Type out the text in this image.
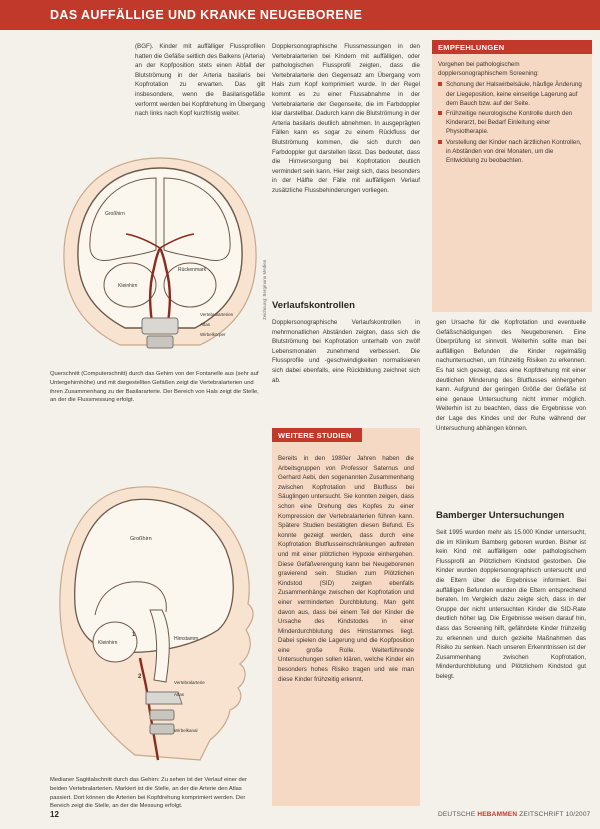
DAS AUFFÄLLIGE UND KRANKE NEUGEBORENE

(BGF). Kinder mit auffälliger Flussprofilen hatten die Gefäße seitlich des Balkens (Arteria) an der Kopfposition stets einen Abfall der Blutströmung in der Arteria basilaris bei Kopfrotation zu erwarten. Das gilt insbesondere, wenn die Basilarisgefäße verformt werden bei Kopfdrehung im Übergang nach links nach Kopf kurzfristig weiter.

Dopplersonographische Flussmessungen in den Vertebralarterien bei Kindern mit auffälligen, oder pathologischen Flussprofil zeigten, dass die Vertebralarterie den Gegensatz am Übergang vom Hals zum Kopf komprimiert wurde. In der Regel kommt es zu einer Flussabnahme in der Vertebralarterie der Gegenseite, die im Farbdoppler klar darstellbar. Dadurch kann die Blutströmung in der Arteria basilaris deutlich abnehmen. In ausgeprägten Fällen kann es sogar zu einem Rückfluss der Blutströmung kommen, die sich durch den Farbdoppler gut darstellen lässt. Das bedeutet, dass die Hirnversorgung bei Kopfrotation deutlich vermindert sein kann. Hier zeigt sich, dass besonders in der Hälfte der Fälle mit auffälligem Verlauf zusätzliche Flussbehinderungen vorliegen.

Verlaufskontrollen

Dopplersonographische Verlaufskontrollen in mehrmonatlichen Abständen zeigten, dass sich die Blutströmung bei Kopfrotation unterhalb von zwölf Lebensmonaten zunehmend verbessert. Die Flussprofile und -geschwindigkeiten normalisieren sich dabei ebenfalls, eine Rückbildung zeichnet sich ab.

EMPFEHLUNGEN

Vorgehen bei pathologischem dopplersonographischem Screening:

Schonung der Halswirbelsäule, häufige Änderung der Liegeposition, keine einseitige Lagerung auf dem Bauch bzw. auf der Seite.
Frühzeitige neurologische Kontrolle durch den Kinderarzt, bei Bedarf Einleitung einer Physiotherapie.
Vorstellung der Kinder nach ärztlichen Kontrollen, in Abständen von drei Monaten, um die Entwicklung zu beobachten.
WEITERE STUDIEN
Bereits in den 1980er Jahren haben die Arbeitsgruppen von Professor Saternus und Gerhard Aebi, den sogenannten Zusammenhang zwischen Kopfrotation und Blutfluss bei Säuglingen untersucht. Sie konnten zeigen, dass schon eine Drehung des Kopfes zu einer Kompression der Vertebralarterien führen kann. Spätere Studien bestätigten diesen Befund. Es konnte gezeigt werden, dass durch eine Kopfrotation Blutflusseinschränkungen auftreten und mit einer plötzlichen Hypoxie einhergehen. Diese Gefäßverengung kann bei Neugeborenen gravierend sein. Studien zum Plötzlichen Kindstod (SID) zeigten ebenfalls Zusammenhänge zwischen der Kopfrotation und einer verminderten Durchblutung. Man geht davon aus, dass bei einem Teil der Kinder die Ursache des Kindstodes in einer Minderdurchblutung des Hirnstammes liegt. Dabei spielen die Lagerung und die Kopfposition eine große Rolle. Weiterführende Untersuchungen sollen klären, welche Kinder ein besonders hohes Risiko tragen und wie man diese Kinder frühzeitig erkennt.

gen Ursache für die Kopfrotation und eventuelle Gefäßschädigungen des Neugeborenen. Eine Überprüfung ist sinnvoll. Weiterhin sollte man bei auffälligen Befunden die Kinder regelmäßig nachuntersuchen, um frühzeitig Risiken zu erkennen. Es hat sich gezeigt, dass eine Kopfdrehung mit einer deutlichen Minderung des Blutflusses einhergehen kann. Aufgrund der geringen Größe der Gefäße ist eine genaue Untersuchung nicht immer möglich. Weiterhin ist zu beachten, dass die Ergebnisse von der Lage des Kindes und der Ruhe während der Untersuchung abhängen können.

Bamberger Untersuchungen

Seit 1995 wurden mehr als 15.000 Kinder untersucht, die im Klinikum Bamberg geboren wurden. Bisher ist kein Kind mit auffälligem oder pathologischem Flussprofil an Plötzlichem Kindstod gestorben. Die Kinder wurden dopplersonographisch untersucht und die Eltern über die Ergebnisse informiert. Bei auffälligen Befunden wurden die Eltern entsprechend beraten. Im Vergleich dazu zeigte sich, dass in der Gruppe der nicht untersuchten Kinder die SID-Rate deutlich höher lag. Die Ergebnisse weisen darauf hin, dass das Screening hilft, gefährdete Kinder frühzeitig zu erkennen und durch gezielte Maßnahmen das Risiko zu senken. Nach unseren Erkenntnissen ist der Zusammenhang zwischen Kopfrotation, Minderdurchblutung und Plötzlichem Kindstod gut belegt.

Großhirn
Kleinhirn
Rückenmark
Vertebralarterien
Atlas
Wirbelkörper
Zeichnung: Bergmann Medien
Querschnitt (Computerschnitt) durch das Gehirn von der Fontanelle aus (sehr auf Untergehirnhöhe) und mit dargestellten Gefäßen zeigt die Vertebralarterien und ihren Zusammenhang zu der Basilararterie. Der Bereich von Hals zeigt die Stelle, an der die Flussmessung erfolgt.
Großhirn
Kleinhirn
Hirnstamm
Vertebralarterie
Atlas
Wirbelkanal
1
2
Medianer Sagittalschnitt durch das Gehirn: Zu sehen ist der Verlauf einer der beiden Vertebralarterien. Markiert ist die Stelle, an der die Arterie den Atlas passiert. Dort können die Arterien bei Kopfdrehung komprimiert werden. Der Bereich zeigt die Stelle, an der die Messung erfolgt.
12	DEUTSCHE HEBAMMEN ZEITSCHRIFT 10/2007
